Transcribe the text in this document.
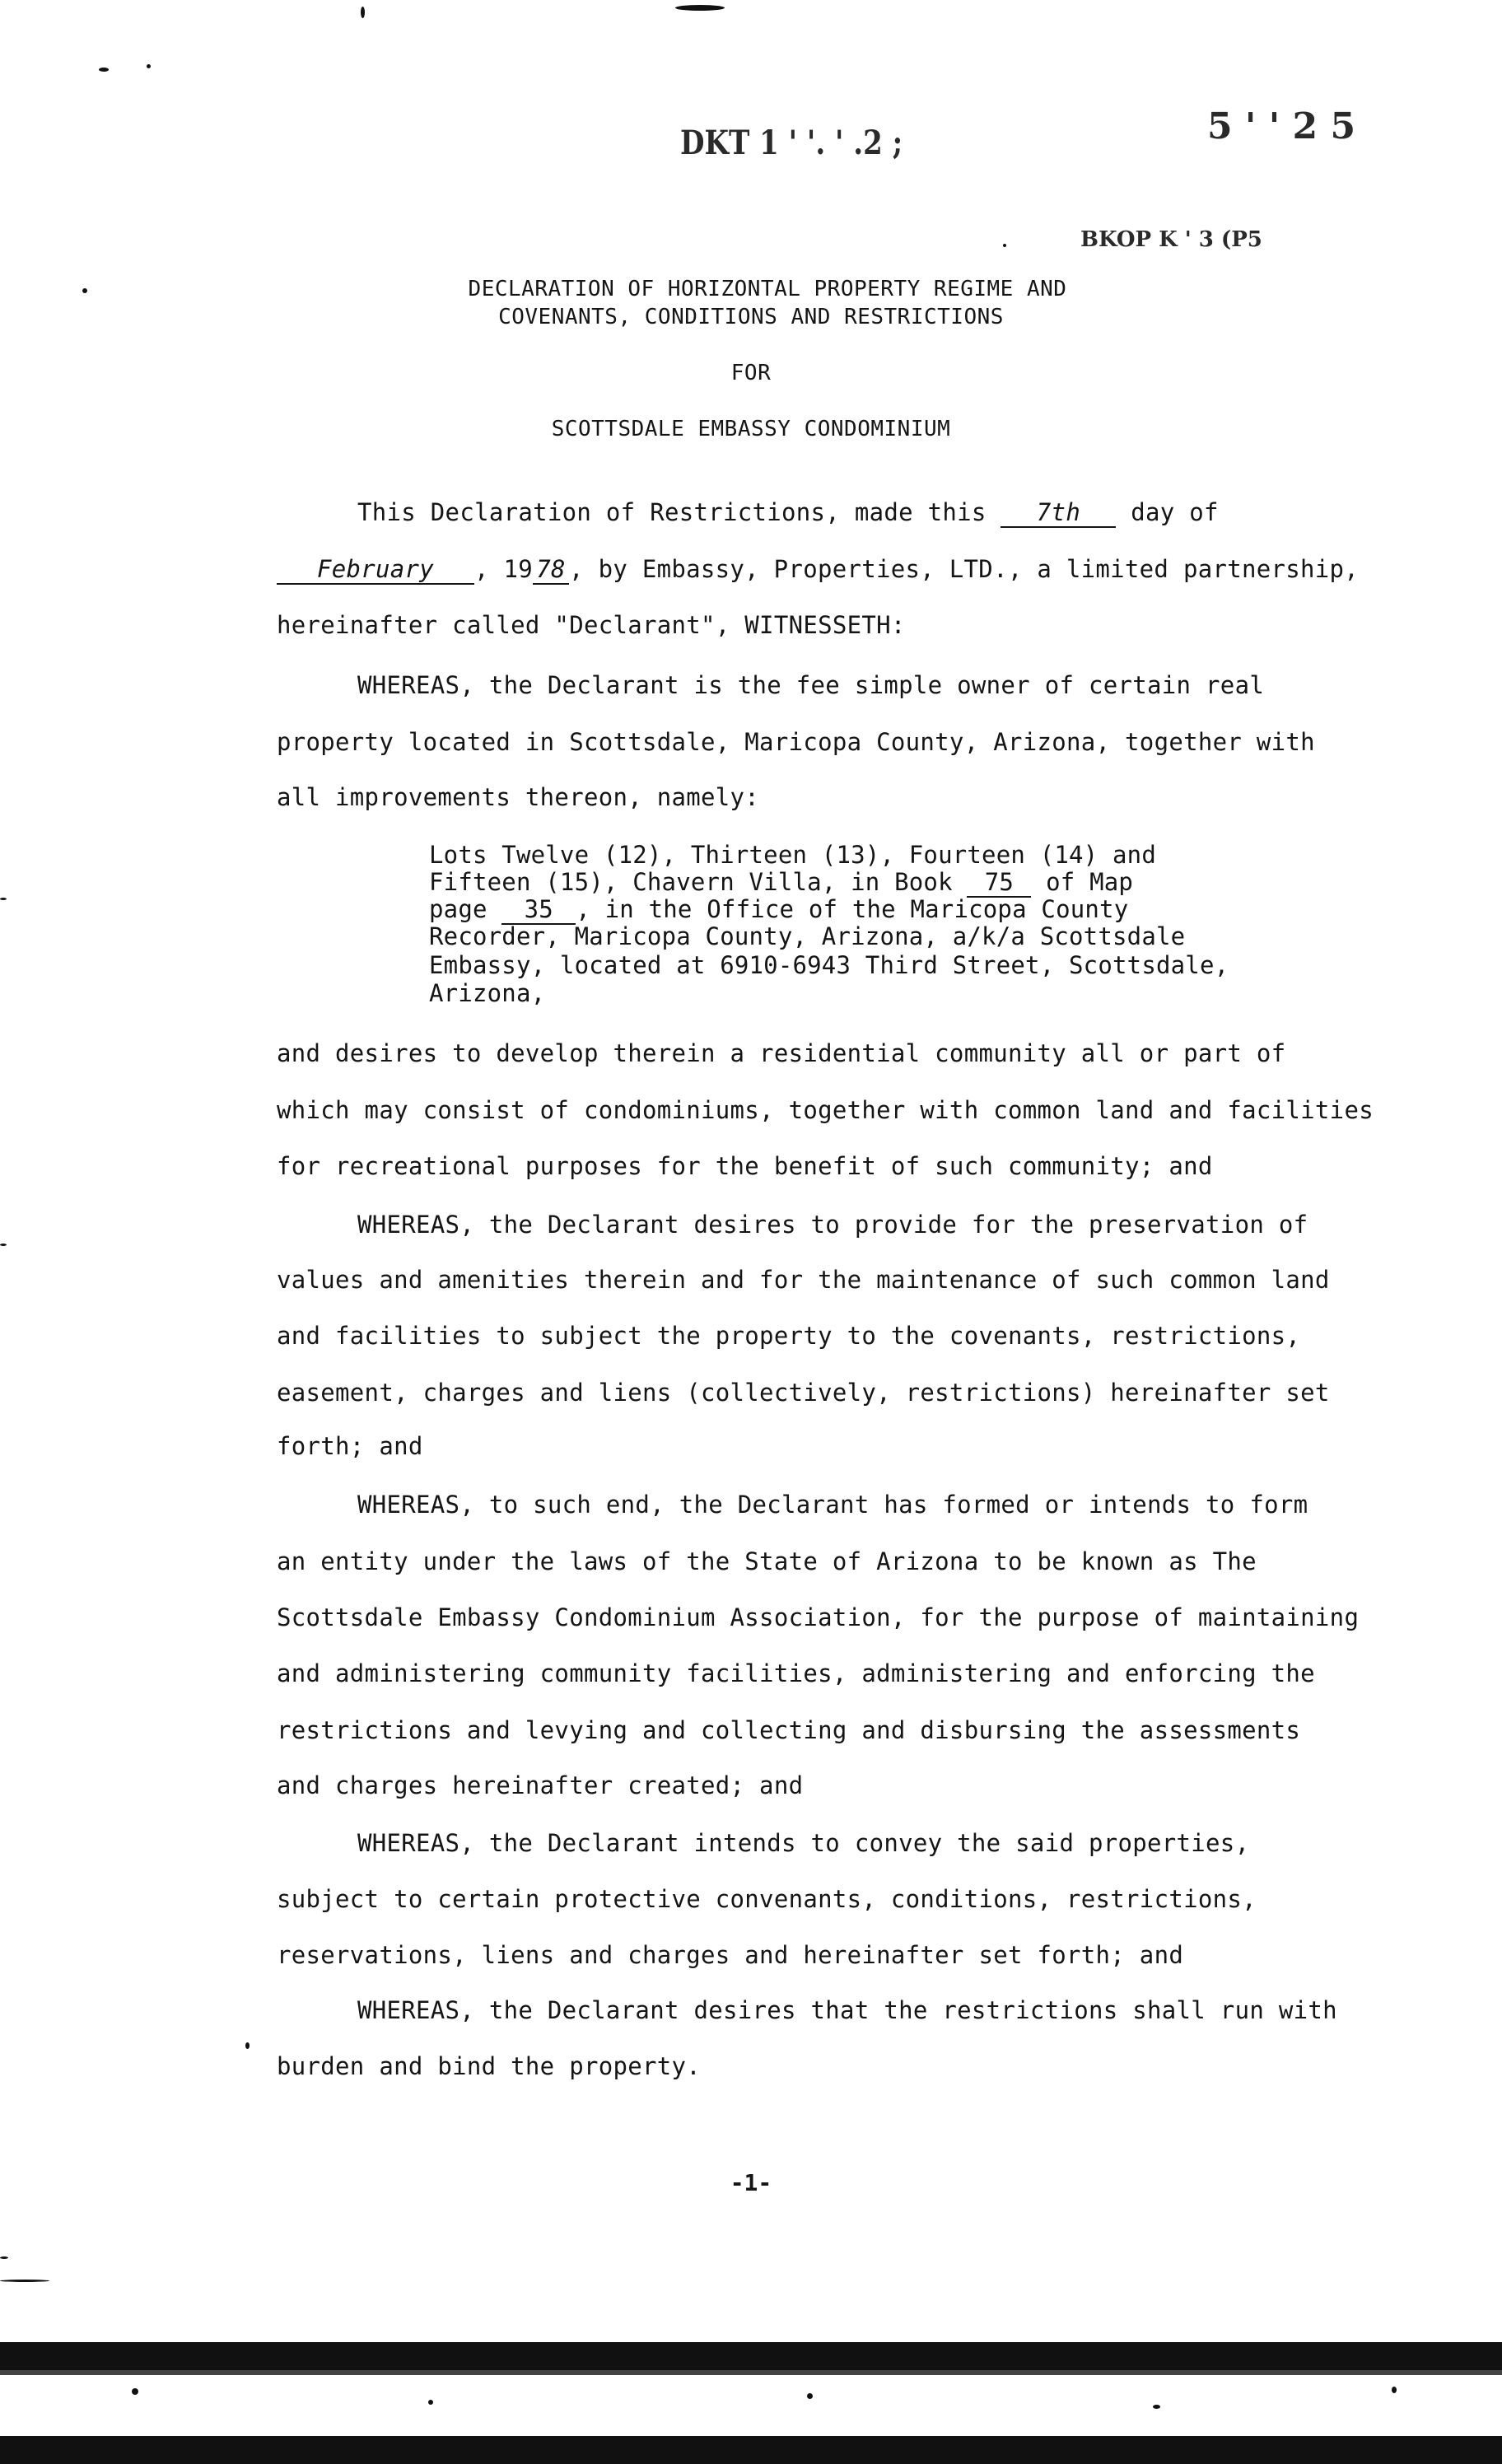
DKT 1 ' '. ' .2 ;	5 ' ' 2 5
BKOP K ' 3 (P5
DECLARATION OF HORIZONTAL PROPERTY REGIME AND
COVENANTS, CONDITIONS AND RESTRICTIONS
FOR
SCOTTSDALE EMBASSY CONDOMINIUM
This Declaration of Restrictions, made this 7th day of
February , 19 78 , by Embassy, Properties, LTD., a limited partnership,
hereinafter called "Declarant", WITNESSETH:
WHEREAS, the Declarant is the fee simple owner of certain real
property located in Scottsdale, Maricopa County, Arizona, together with
all improvements thereon, namely:
Lots Twelve (12), Thirteen (13), Fourteen (14) and
Fifteen (15), Chavern Villa, in Book 75 of Map
page 35 , in the Office of the Maricopa County
Recorder, Maricopa County, Arizona, a/k/a Scottsdale
Embassy, located at 6910-6943 Third Street, Scottsdale,
Arizona,
and desires to develop therein a residential community all or part of
which may consist of condominiums, together with common land and facilities
for recreational purposes for the benefit of such community; and
WHEREAS, the Declarant desires to provide for the preservation of
values and amenities therein and for the maintenance of such common land
and facilities to subject the property to the covenants, restrictions,
easement, charges and liens (collectively, restrictions) hereinafter set
forth; and
WHEREAS, to such end, the Declarant has formed or intends to form
an entity under the laws of the State of Arizona to be known as The
Scottsdale Embassy Condominium Association, for the purpose of maintaining
and administering community facilities, administering and enforcing the
restrictions and levying and collecting and disbursing the assessments
and charges hereinafter created; and
WHEREAS, the Declarant intends to convey the said properties,
subject to certain protective convenants, conditions, restrictions,
reservations, liens and charges and hereinafter set forth; and
WHEREAS, the Declarant desires that the restrictions shall run with
burden and bind the property.
-1-
